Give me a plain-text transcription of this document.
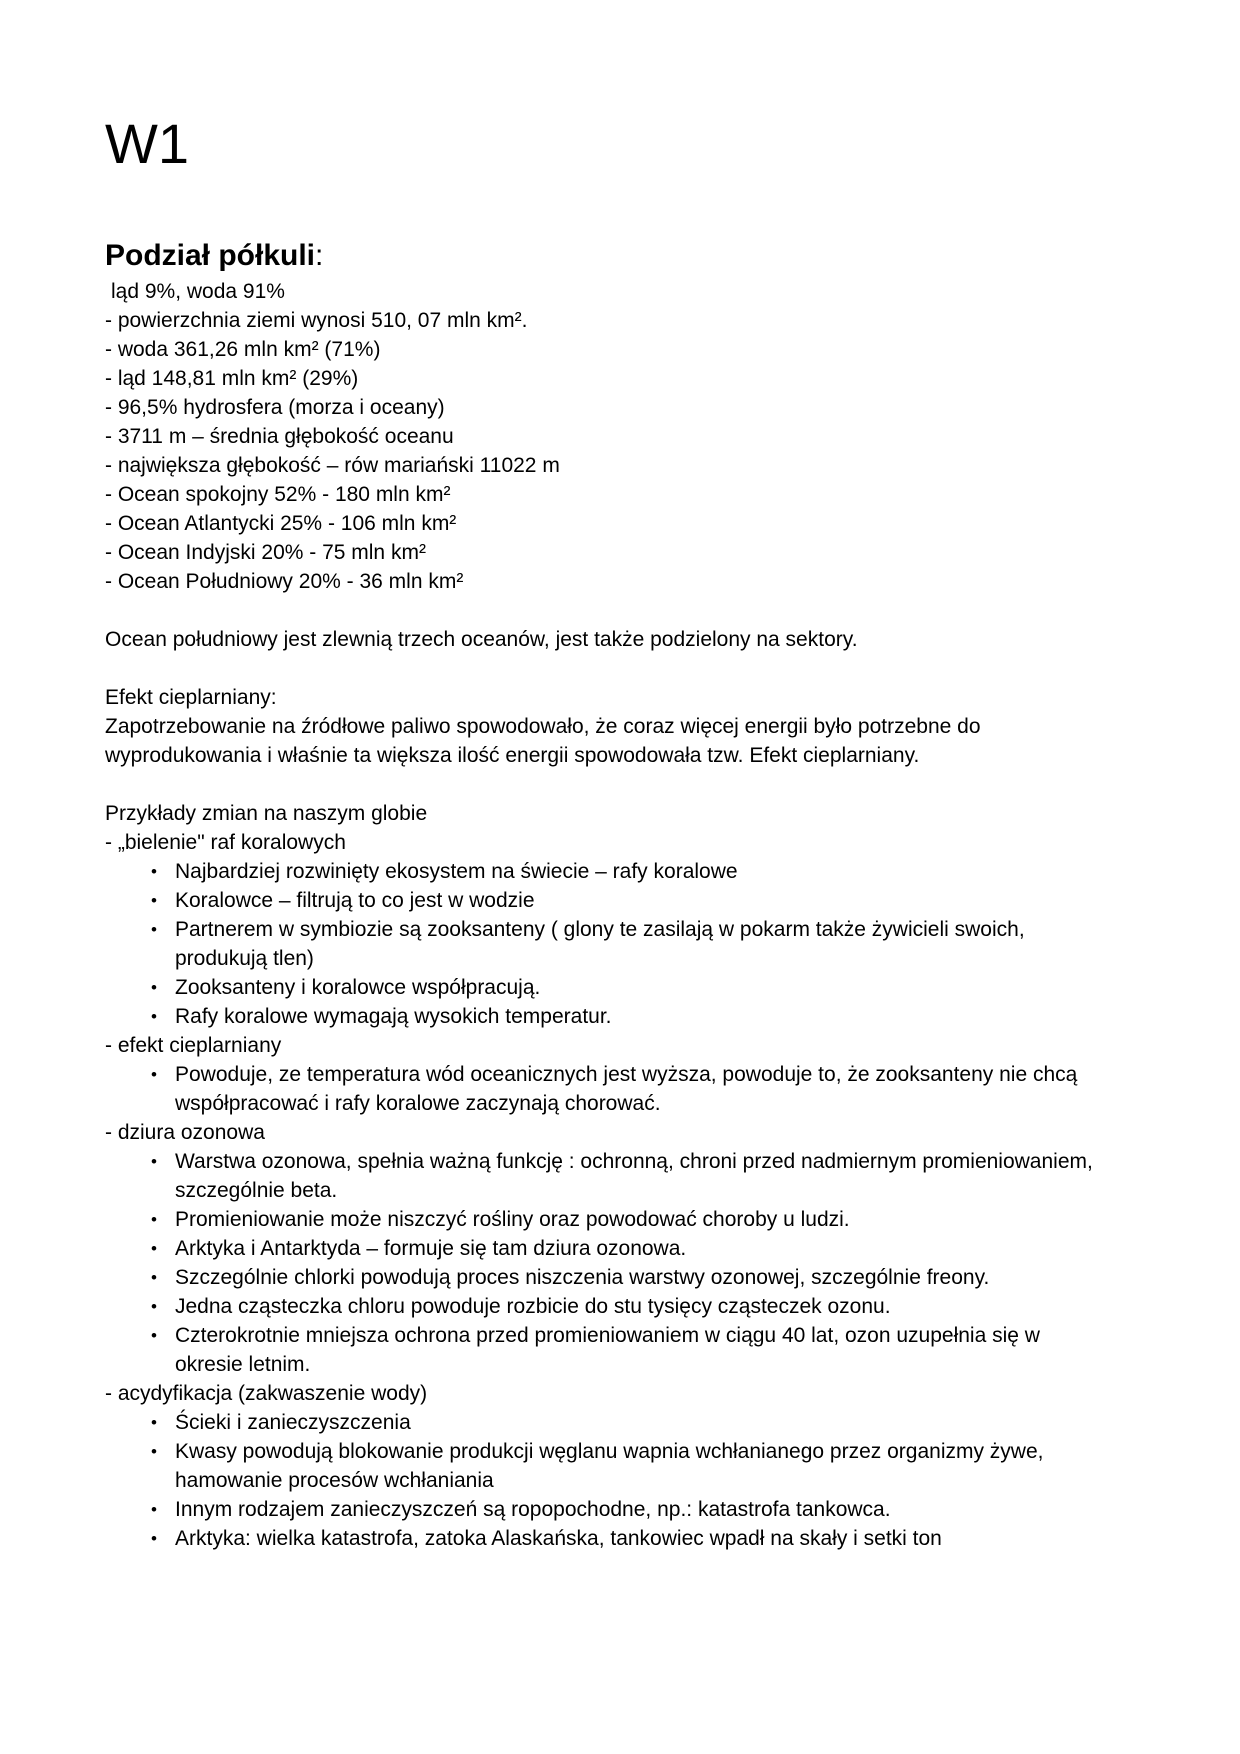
W1
Podział półkuli:
ląd 9%, woda 91%
- powierzchnia ziemi wynosi 510, 07 mln km².
- woda 361,26 mln km² (71%)
- ląd 148,81 mln km² (29%)
- 96,5% hydrosfera (morza i oceany)
- 3711 m – średnia głębokość oceanu
- największa głębokość – rów mariański 11022 m
- Ocean spokojny 52% - 180 mln km²
- Ocean Atlantycki 25% - 106 mln km²
- Ocean Indyjski 20% - 75 mln km²
- Ocean Południowy 20% - 36 mln km²
Ocean południowy jest zlewnią trzech oceanów, jest także podzielony na sektory.
Efekt cieplarniany:
Zapotrzebowanie na źródłowe paliwo spowodowało, że coraz więcej energii było potrzebne do wyprodukowania i właśnie ta większa ilość energii spowodowała tzw. Efekt cieplarniany.
Przykłady zmian na naszym globie
- „bielenie" raf koralowych
• Najbardziej rozwinięty ekosystem na świecie – rafy koralowe
• Koralowce – filtrują to co jest w wodzie
• Partnerem w symbiozie są zooksanteny ( glony te zasilają w pokarm także żywicieli swoich, produkują tlen)
• Zooksanteny i koralowce współpracują.
• Rafy koralowe wymagają wysokich temperatur.
- efekt cieplarniany
• Powoduje, ze temperatura wód oceanicznych jest wyższa, powoduje to, że zooksanteny nie chcą współpracować i rafy koralowe zaczynają chorować.
- dziura ozonowa
• Warstwa ozonowa, spełnia ważną funkcję : ochronną, chroni przed nadmiernym promieniowaniem, szczególnie beta.
• Promieniowanie może niszczyć rośliny oraz powodować choroby u ludzi.
• Arktyka i Antarktyda – formuje się tam dziura ozonowa.
• Szczególnie chlorki powodują proces niszczenia warstwy ozonowej, szczególnie freony.
• Jedna cząsteczka chloru powoduje rozbicie do stu tysięcy cząsteczek ozonu.
• Czterokrotnie mniejsza ochrona przed promieniowaniem w ciągu 40 lat, ozon uzupełnia się w okresie letnim.
- acydyfikacja (zakwaszenie wody)
• Ścieki i zanieczyszczenia
• Kwasy powodują blokowanie produkcji węglanu wapnia wchłanianego przez organizmy żywe, hamowanie procesów wchłaniania
• Innym rodzajem zanieczyszczeń są ropopochodne, np.: katastrofa tankowca.
• Arktyka: wielka katastrofa, zatoka Alaskańska, tankowiec wpadł na skały i setki ton
